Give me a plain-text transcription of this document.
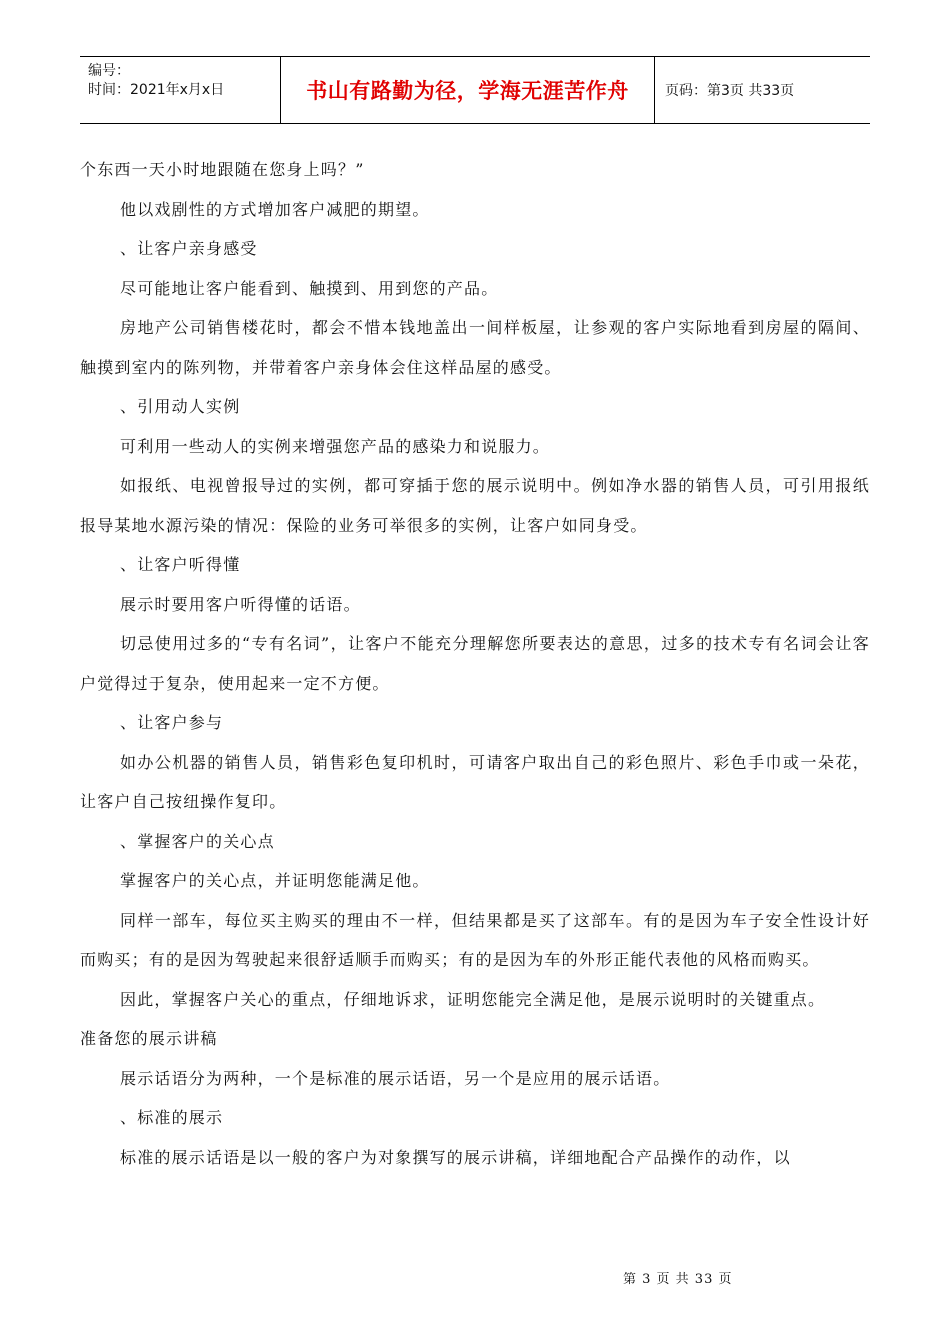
编号：
时间：2021年x月x日	书山有路勤为径，学海无涯苦作舟	页码：第3页 共33页

个东西一天小时地跟随在您身上吗？”

他以戏剧性的方式增加客户减肥的期望。

、让客户亲身感受

尽可能地让客户能看到、触摸到、用到您的产品。

房地产公司销售楼花时，都会不惜本钱地盖出一间样板屋，让参观的客户实际地看到房屋的隔间、触摸到室内的陈列物，并带着客户亲身体会住这样品屋的感受。

、引用动人实例

可利用一些动人的实例来增强您产品的感染力和说服力。

如报纸、电视曾报导过的实例，都可穿插于您的展示说明中。例如净水器的销售人员，可引用报纸报导某地水源污染的情况：保险的业务可举很多的实例，让客户如同身受。

、让客户听得懂

展示时要用客户听得懂的话语。

切忌使用过多的“专有名词”，让客户不能充分理解您所要表达的意思，过多的技术专有名词会让客户觉得过于复杂，使用起来一定不方便。

、让客户参与

如办公机器的销售人员，销售彩色复印机时，可请客户取出自己的彩色照片、彩色手巾或一朵花，让客户自己按纽操作复印。

、掌握客户的关心点

掌握客户的关心点，并证明您能满足他。

同样一部车，每位买主购买的理由不一样，但结果都是买了这部车。有的是因为车子安全性设计好而购买；有的是因为驾驶起来很舒适顺手而购买；有的是因为车的外形正能代表他的风格而购买。

因此，掌握客户关心的重点，仔细地诉求，证明您能完全满足他，是展示说明时的关键重点。

准备您的展示讲稿

展示话语分为两种，一个是标准的展示话语，另一个是应用的展示话语。

、标准的展示

标准的展示话语是以一般的客户为对象撰写的展示讲稿，详细地配合产品操作的动作，以

第 3 页 共 33 页
